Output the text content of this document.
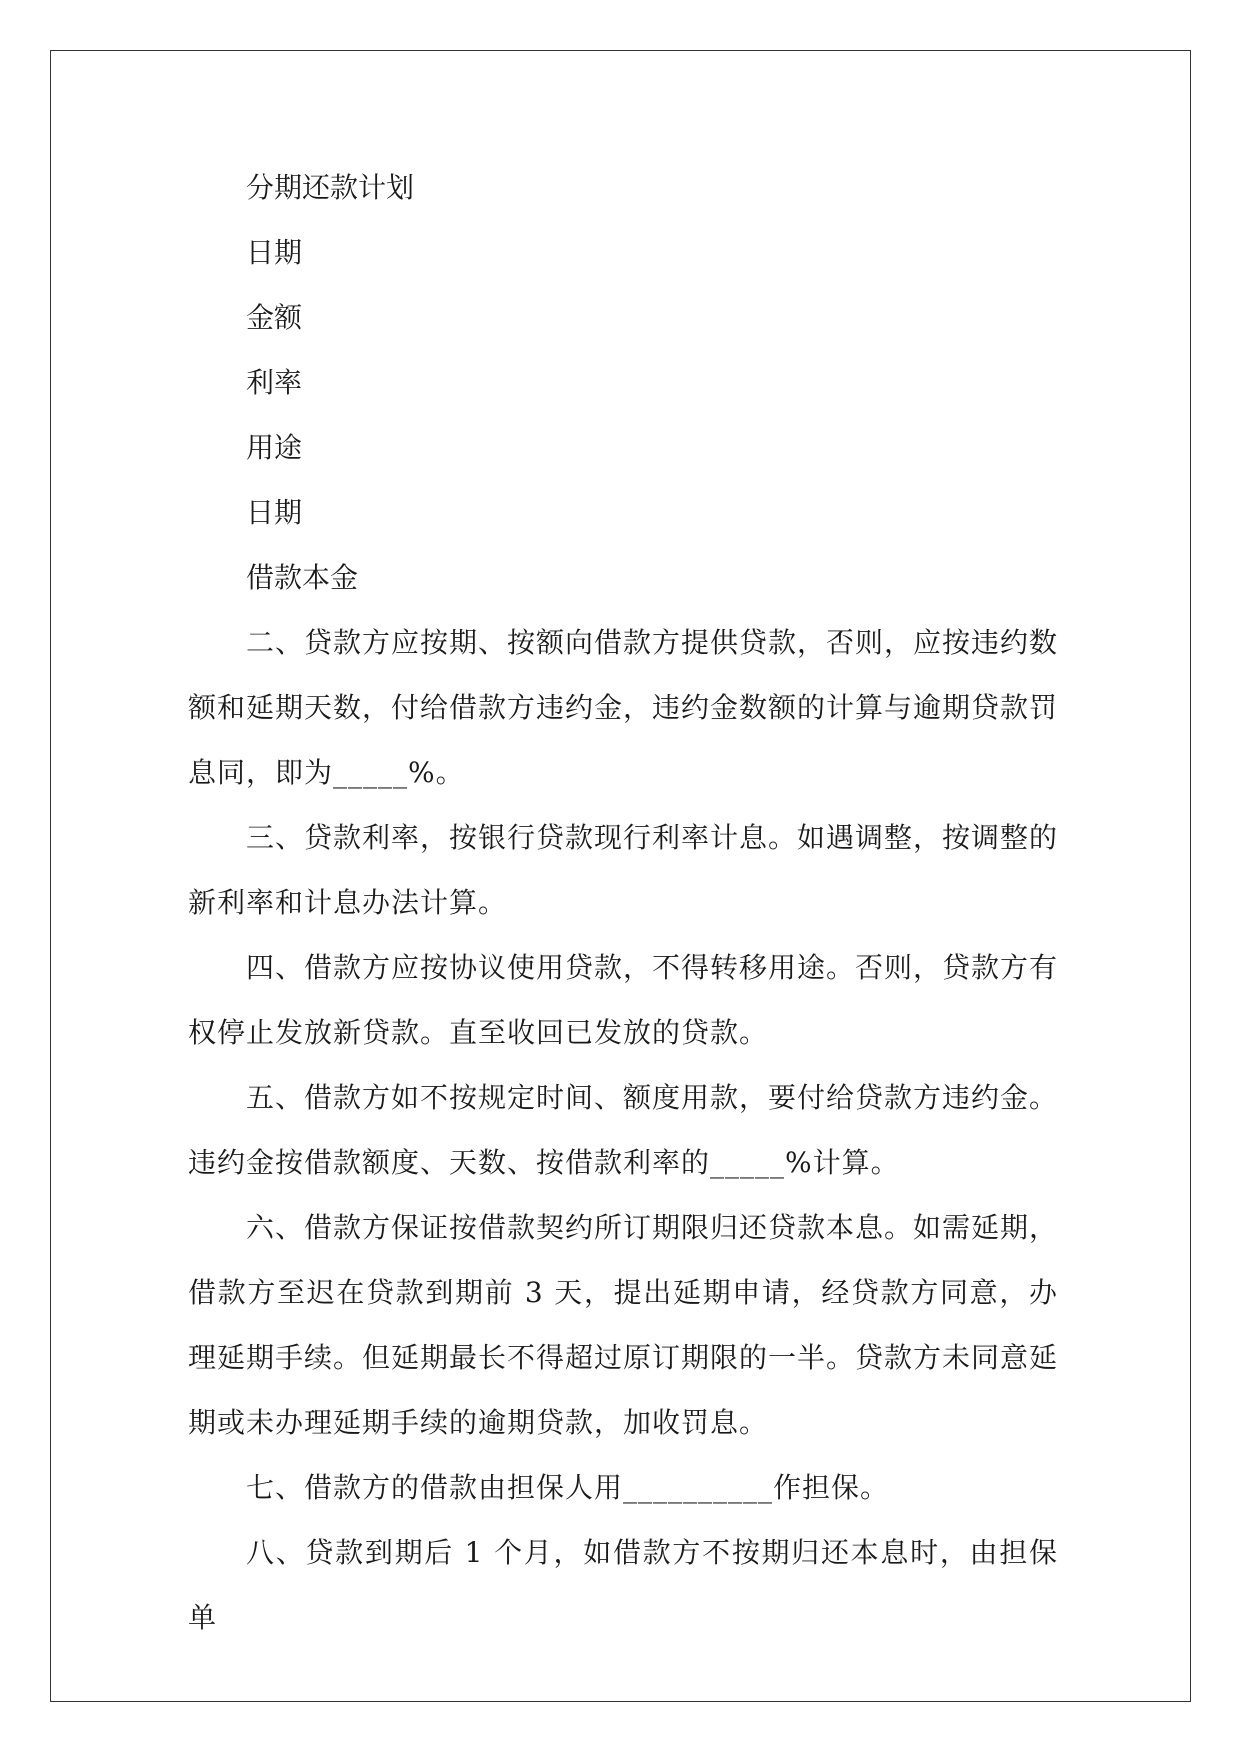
分期还款计划

日期

金额

利率

用途

日期

借款本金

二、贷款方应按期、按额向借款方提供贷款，否则，应按违约数额和延期天数，付给借款方违约金，违约金数额的计算与逾期贷款罚息同，即为_____%。

三、贷款利率，按银行贷款现行利率计息。如遇调整，按调整的新利率和计息办法计算。

四、借款方应按协议使用贷款，不得转移用途。否则，贷款方有权停止发放新贷款。直至收回已发放的贷款。

五、借款方如不按规定时间、额度用款，要付给贷款方违约金。违约金按借款额度、天数、按借款利率的_____%计算。

六、借款方保证按借款契约所订期限归还贷款本息。如需延期，借款方至迟在贷款到期前 3 天，提出延期申请，经贷款方同意，办理延期手续。但延期最长不得超过原订期限的一半。贷款方未同意延期或未办理延期手续的逾期贷款，加收罚息。

七、借款方的借款由担保人用__________作担保。

八、贷款到期后 1 个月，如借款方不按期归还本息时，由担保单
